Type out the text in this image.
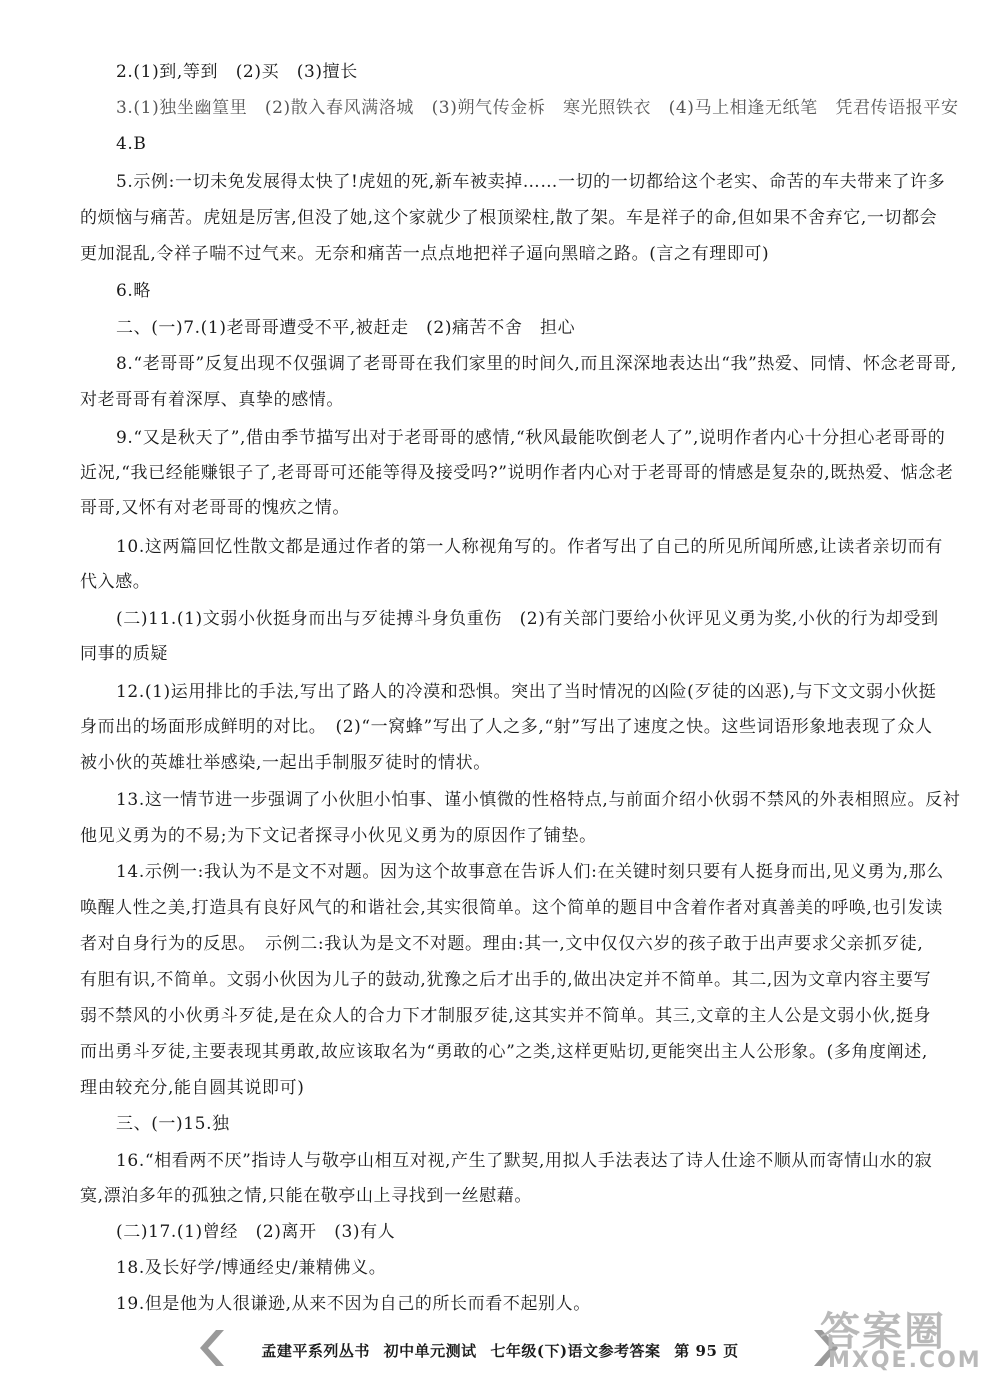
2.(1)到,等到　(2)买　(3)擅长
3.(1)独坐幽篁里　(2)散入春风满洛城　(3)朔气传金柝　寒光照铁衣　(4)马上相逢无纸笔　凭君传语报平安
4.B
5.示例:一切未免发展得太快了!虎妞的死,新车被卖掉……一切的一切都给这个老实、命苦的车夫带来了许多
的烦恼与痛苦。虎妞是厉害,但没了她,这个家就少了根顶梁柱,散了架。车是祥子的命,但如果不舍弃它,一切都会
更加混乱,令祥子喘不过气来。无奈和痛苦一点点地把祥子逼向黑暗之路。(言之有理即可)
6.略
二、(一)7.(1)老哥哥遭受不平,被赶走　(2)痛苦不舍　担心
8.“老哥哥”反复出现不仅强调了老哥哥在我们家里的时间久,而且深深地表达出“我”热爱、同情、怀念老哥哥,
对老哥哥有着深厚、真挚的感情。
9.“又是秋天了”,借由季节描写出对于老哥哥的感情,“秋风最能吹倒老人了”,说明作者内心十分担心老哥哥的
近况,“我已经能赚银子了,老哥哥可还能等得及接受吗?”说明作者内心对于老哥哥的情感是复杂的,既热爱、惦念老
哥哥,又怀有对老哥哥的愧疚之情。
10.这两篇回忆性散文都是通过作者的第一人称视角写的。作者写出了自己的所见所闻所感,让读者亲切而有
代入感。
(二)11.(1)文弱小伙挺身而出与歹徒搏斗身负重伤　(2)有关部门要给小伙评见义勇为奖,小伙的行为却受到
同事的质疑
12.(1)运用排比的手法,写出了路人的冷漠和恐惧。突出了当时情况的凶险(歹徒的凶恶),与下文文弱小伙挺
身而出的场面形成鲜明的对比。　(2)“一窝蜂”写出了人之多,“射”写出了速度之快。这些词语形象地表现了众人
被小伙的英雄壮举感染,一起出手制服歹徒时的情状。
13.这一情节进一步强调了小伙胆小怕事、谨小慎微的性格特点,与前面介绍小伙弱不禁风的外表相照应。反衬
他见义勇为的不易;为下文记者探寻小伙见义勇为的原因作了铺垫。
14.示例一:我认为不是文不对题。因为这个故事意在告诉人们:在关键时刻只要有人挺身而出,见义勇为,那么
唤醒人性之美,打造具有良好风气的和谐社会,其实很简单。这个简单的题目中含着作者对真善美的呼唤,也引发读
者对自身行为的反思。　示例二:我认为是文不对题。理由:其一,文中仅仅六岁的孩子敢于出声要求父亲抓歹徒,
有胆有识,不简单。文弱小伙因为儿子的鼓动,犹豫之后才出手的,做出决定并不简单。其二,因为文章内容主要写
弱不禁风的小伙勇斗歹徒,是在众人的合力下才制服歹徒,这其实并不简单。其三,文章的主人公是文弱小伙,挺身
而出勇斗歹徒,主要表现其勇敢,故应该取名为“勇敢的心”之类,这样更贴切,更能突出主人公形象。(多角度阐述,
理由较充分,能自圆其说即可)
三、(一)15.独
16.“相看两不厌”指诗人与敬亭山相互对视,产生了默契,用拟人手法表达了诗人仕途不顺从而寄情山水的寂
寞,漂泊多年的孤独之情,只能在敬亭山上寻找到一丝慰藉。
(二)17.(1)曾经　(2)离开　(3)有人
18.及长好学/博通经史/兼精佛义。
19.但是他为人很谦逊,从来不因为自己的所长而看不起别人。
孟建平系列丛书 初中单元测试 七年级(下)语文参考答案 第 95 页	答案圈
MXQE.COM
